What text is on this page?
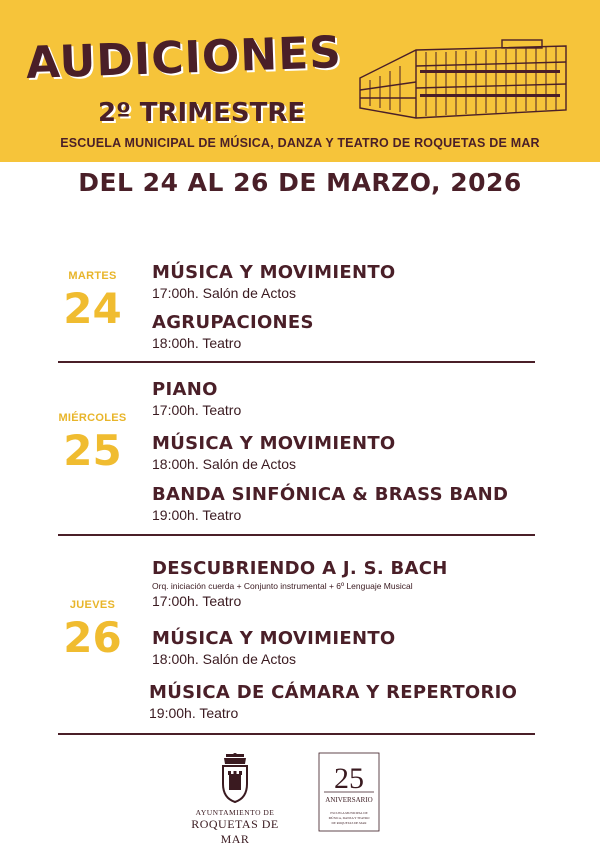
AUDICIONES
2º TRIMESTRE
ESCUELA MUNICIPAL DE MÚSICA, DANZA Y TEATRO DE ROQUETAS DE MAR
DEL 24 AL 26 DE MARZO, 2026
MARTES
24
MÚSICA Y MOVIMIENTO
17:00h. Salón de Actos
AGRUPACIONES
18:00h. Teatro
MIÉRCOLES
25
PIANO
17:00h. Teatro
MÚSICA Y MOVIMIENTO
18:00h. Salón de Actos
BANDA SINFÓNICA & BRASS BAND
19:00h. Teatro
JUEVES
26
DESCUBRIENDO A J. S. BACH
Orq. iniciación cuerda + Conjunto instrumental + 6º Lenguaje Musical
17:00h. Teatro
MÚSICA Y MOVIMIENTO
18:00h. Salón de Actos
MÚSICA DE CÁMARA Y REPERTORIO
19:00h. Teatro
AYUNTAMIENTO DE
ROQUETAS DE MAR
25
ANIVERSARIO
ESCUELA MUNICIPAL DE
MÚSICA, DANZA Y TEATRO
DE ROQUETAS DE MAR
